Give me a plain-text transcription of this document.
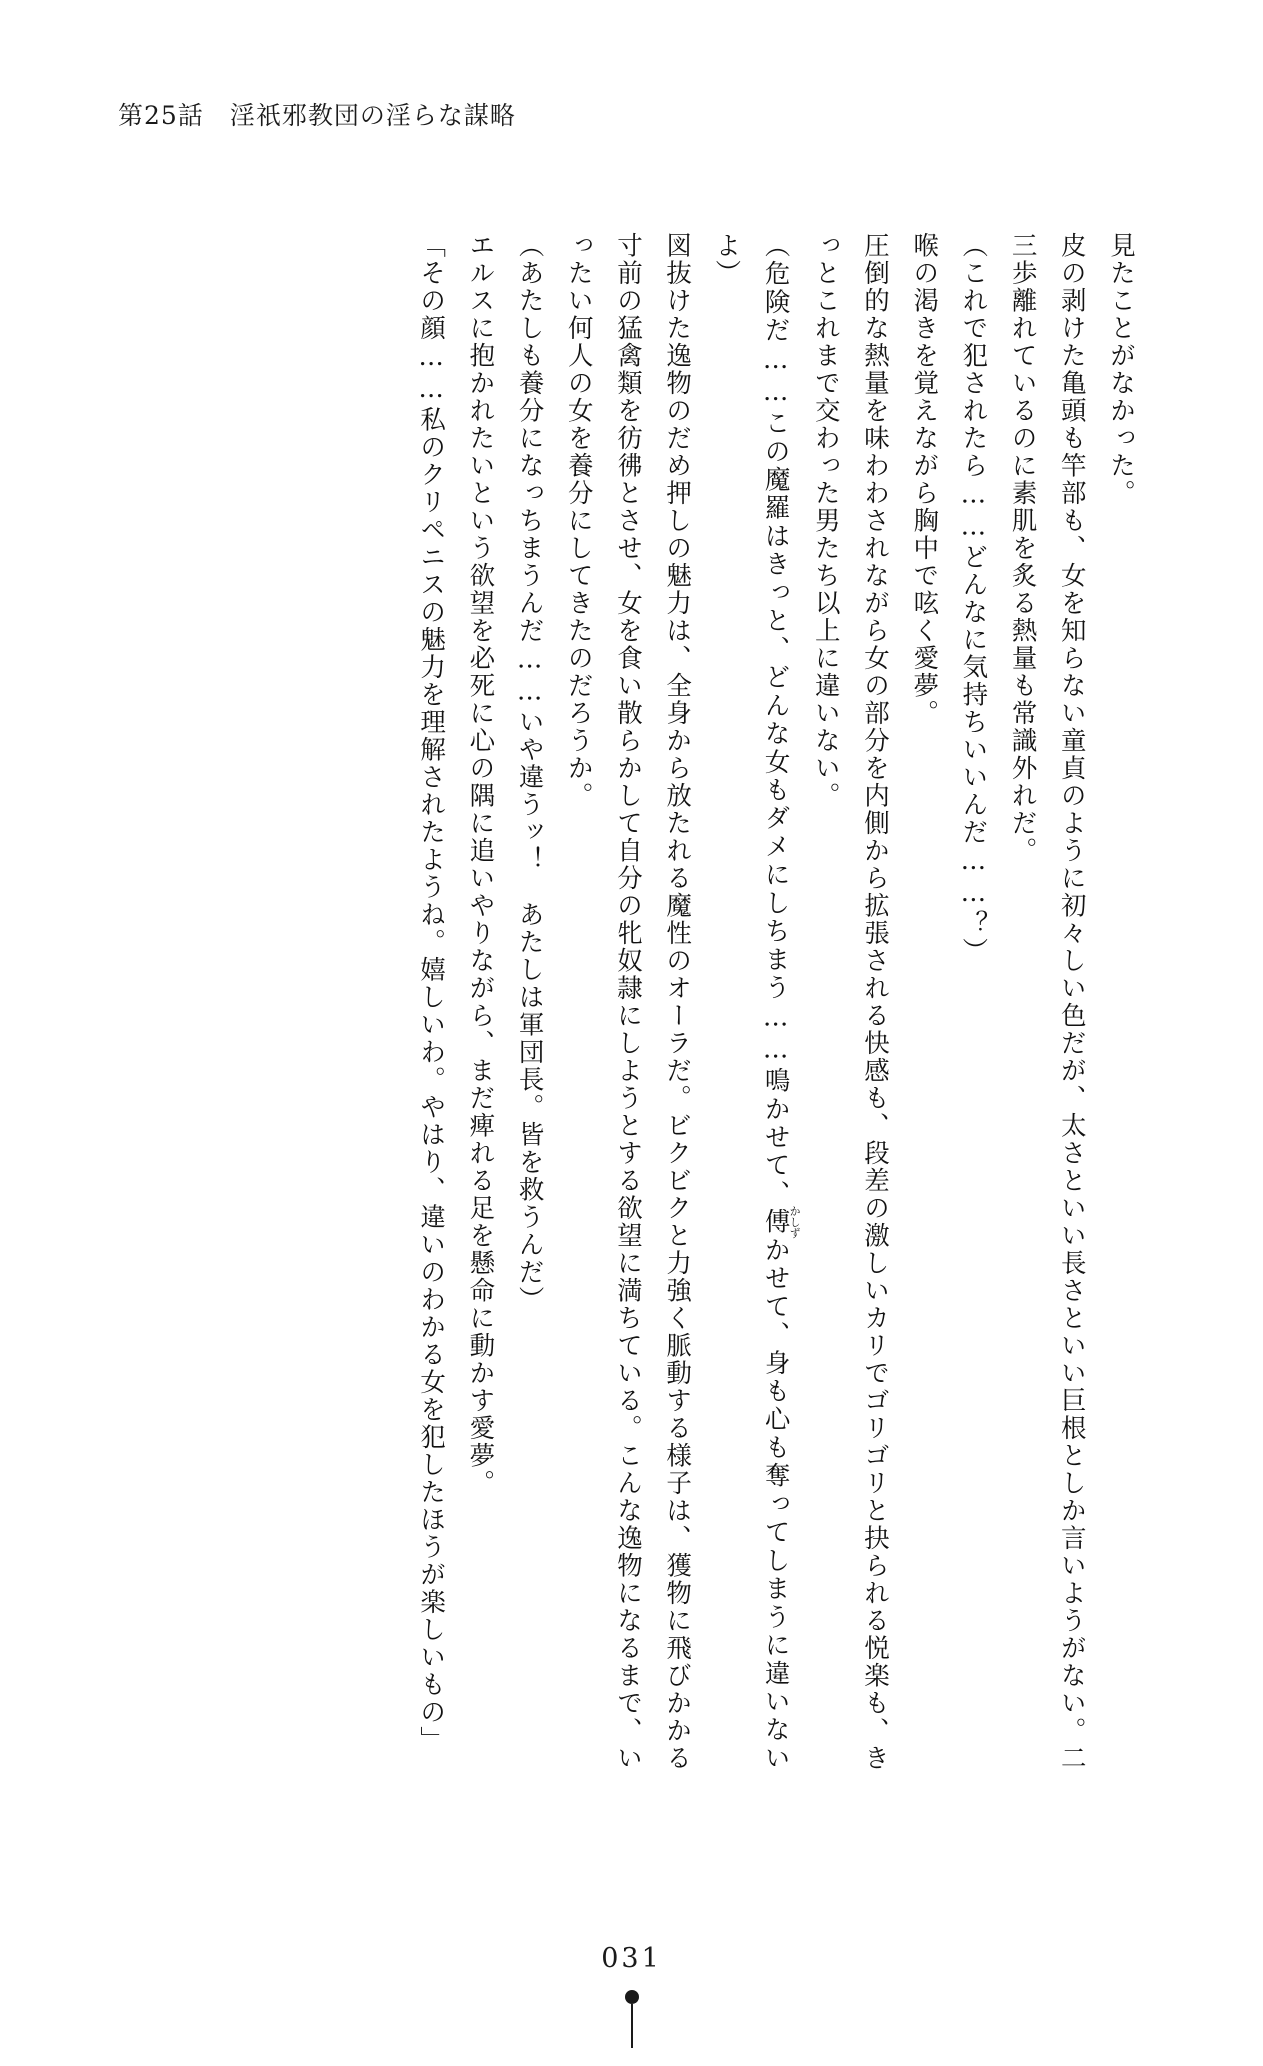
第25話 淫祇邪教団の淫らな謀略

見たことがなかった。

皮の剥けた亀頭も竿部も、女を知らない童貞のように初々しい色だが、太さといい長さといい巨根としか言いようがない。二三歩離れているのに素肌を炙る熱量も常識外れだ。

（これで犯されたら……どんなに気持ちいいんだ……？）

喉の渇きを覚えながら胸中で呟く愛夢。

圧倒的な熱量を味わわされながら女の部分を内側から拡張される快感も、段差の激しいカリでゴリゴリと抉られる悦楽も、きっとこれまで交わった男たち以上に違いない。

（危険だ……この魔羅はきっと、どんな女もダメにしちまう……鳴かせて、傅かしずかせて、身も心も奪ってしまうに違いないよ）

図抜けた逸物のだめ押しの魅力は、全身から放たれる魔性のオーラだ。ビクビクと力強く脈動する様子は、獲物に飛びかかる寸前の猛禽類を彷彿とさせ、女を食い散らかして自分の牝奴隷にしようとする欲望に満ちている。こんな逸物になるまで、いったい何人の女を養分にしてきたのだろうか。

（あたしも養分になっちまうんだ……いや違うッ！　あたしは軍団長。皆を救うんだ）

エルスに抱かれたいという欲望を必死に心の隅に追いやりながら、まだ痺れる足を懸命に動かす愛夢。

「その顔……私のクリペニスの魅力を理解されたようね。嬉しいわ。やはり、違いのわかる女を犯したほうが楽しいもの」

031
